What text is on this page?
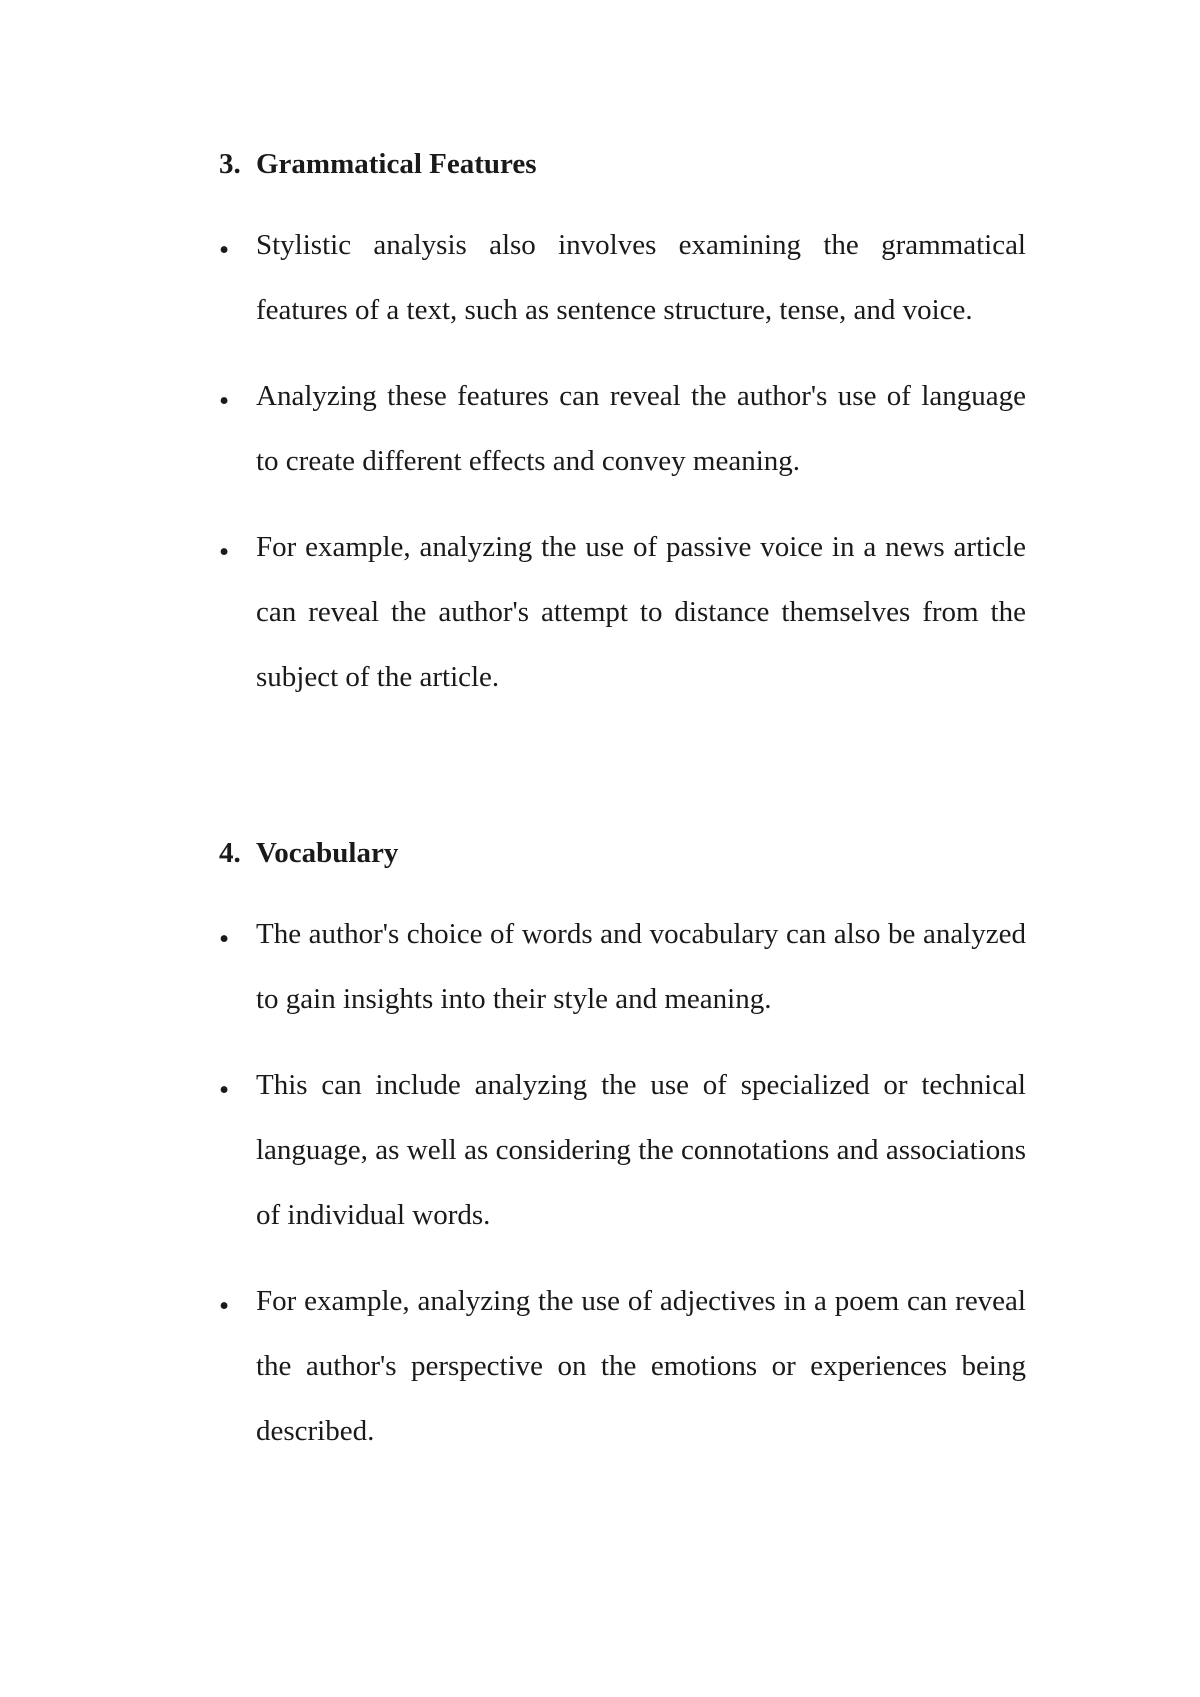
3. Grammatical Features
• Stylistic analysis also involves examining the grammatical features of a text, such as sentence structure, tense, and voice.
• Analyzing these features can reveal the author's use of language to create different effects and convey meaning.
• For example, analyzing the use of passive voice in a news article can reveal the author's attempt to distance themselves from the subject of the article.
4. Vocabulary
• The author's choice of words and vocabulary can also be analyzed to gain insights into their style and meaning.
• This can include analyzing the use of specialized or technical language, as well as considering the connotations and associations of individual words.
• For example, analyzing the use of adjectives in a poem can reveal the author's perspective on the emotions or experiences being described.
